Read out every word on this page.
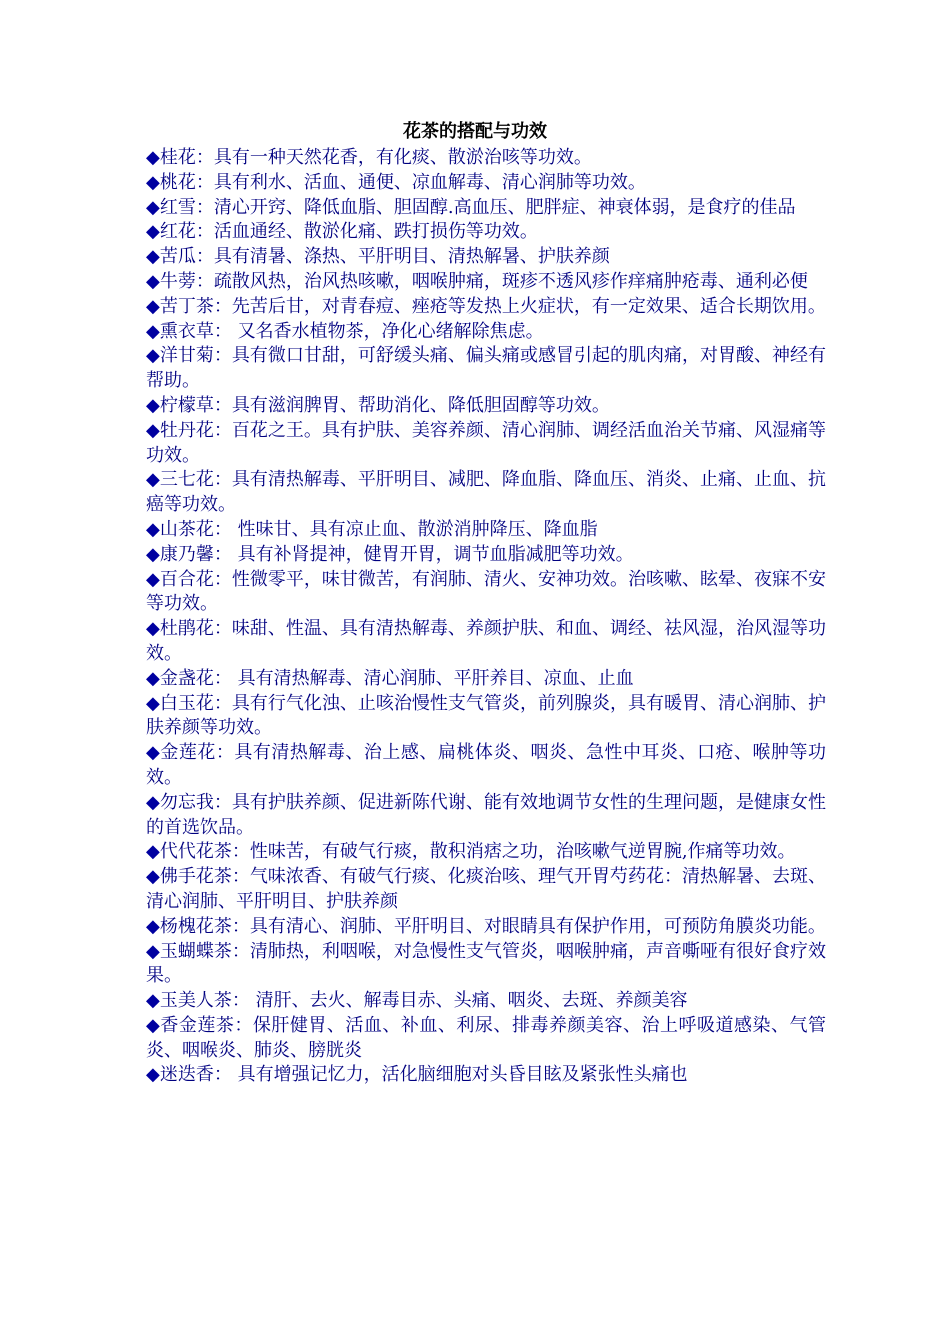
花茶的搭配与功效
◆桂花：具有一种天然花香，有化痰、散淤治咳等功效。
◆桃花：具有利水、活血、通便、凉血解毒、清心润肺等功效。
◆红雪：清心开窍、降低血脂、胆固醇.高血压、肥胖症、神衰体弱，是食疗的佳品
◆红花：活血通经、散淤化痛、跌打损伤等功效。
◆苦瓜：具有清暑、涤热、平肝明目、清热解暑、护肤养颜
◆牛蒡：疏散风热，治风热咳嗽，咽喉肿痛，斑疹不透风疹作痒痛肿疮毒、通利必便
◆苦丁茶：先苦后甘，对青春痘、痤疮等发热上火症状，有一定效果、适合长期饮用。
◆熏衣草： 又名香水植物茶，净化心绪解除焦虑。
◆洋甘菊：具有微口甘甜，可舒缓头痛、偏头痛或感冒引起的肌肉痛，对胃酸、神经有帮助。
◆柠檬草：具有滋润脾胃、帮助消化、降低胆固醇等功效。
◆牡丹花：百花之王。具有护肤、美容养颜、清心润肺、调经活血治关节痛、风湿痛等功效。
◆三七花：具有清热解毒、平肝明目、减肥、降血脂、降血压、消炎、止痛、止血、抗癌等功效。
◆山茶花： 性味甘、具有凉止血、散淤消肿降压、降血脂
◆康乃馨： 具有补肾提神，健胃开胃，调节血脂减肥等功效。
◆百合花：性微零平，味甘微苦，有润肺、清火、安神功效。治咳嗽、眩晕、夜寐不安等功效。
◆杜鹃花：味甜、性温、具有清热解毒、养颜护肤、和血、调经、祛风湿，治风湿等功效。
◆金盏花： 具有清热解毒、清心润肺、平肝养目、凉血、止血
◆白玉花：具有行气化浊、止咳治慢性支气管炎，前列腺炎，具有暖胃、清心润肺、护肤养颜等功效。
◆金莲花：具有清热解毒、治上感、扁桃体炎、咽炎、急性中耳炎、口疮、喉肿等功效。
◆勿忘我：具有护肤养颜、促进新陈代谢、能有效地调节女性的生理问题，是健康女性的首选饮品。
◆代代花茶：性味苦，有破气行痰，散积消痞之功，治咳嗽气逆胃腕,作痛等功效。
◆佛手花茶：气味浓香、有破气行痰、化痰治咳、理气开胃芍药花：清热解暑、去斑、清心润肺、平肝明目、护肤养颜
◆杨槐花茶：具有清心、润肺、平肝明目、对眼睛具有保护作用，可预防角膜炎功能。
◆玉蝴蝶茶：清肺热，利咽喉，对急慢性支气管炎，咽喉肿痛，声音嘶哑有很好食疗效果。
◆玉美人茶： 清肝、去火、解毒目赤、头痛、咽炎、去斑、养颜美容
◆香金莲茶：保肝健胃、活血、补血、利尿、排毒养颜美容、治上呼吸道感染、气管炎、咽喉炎、肺炎、膀胱炎
◆迷迭香： 具有增强记忆力，活化脑细胞对头昏目眩及紧张性头痛也
